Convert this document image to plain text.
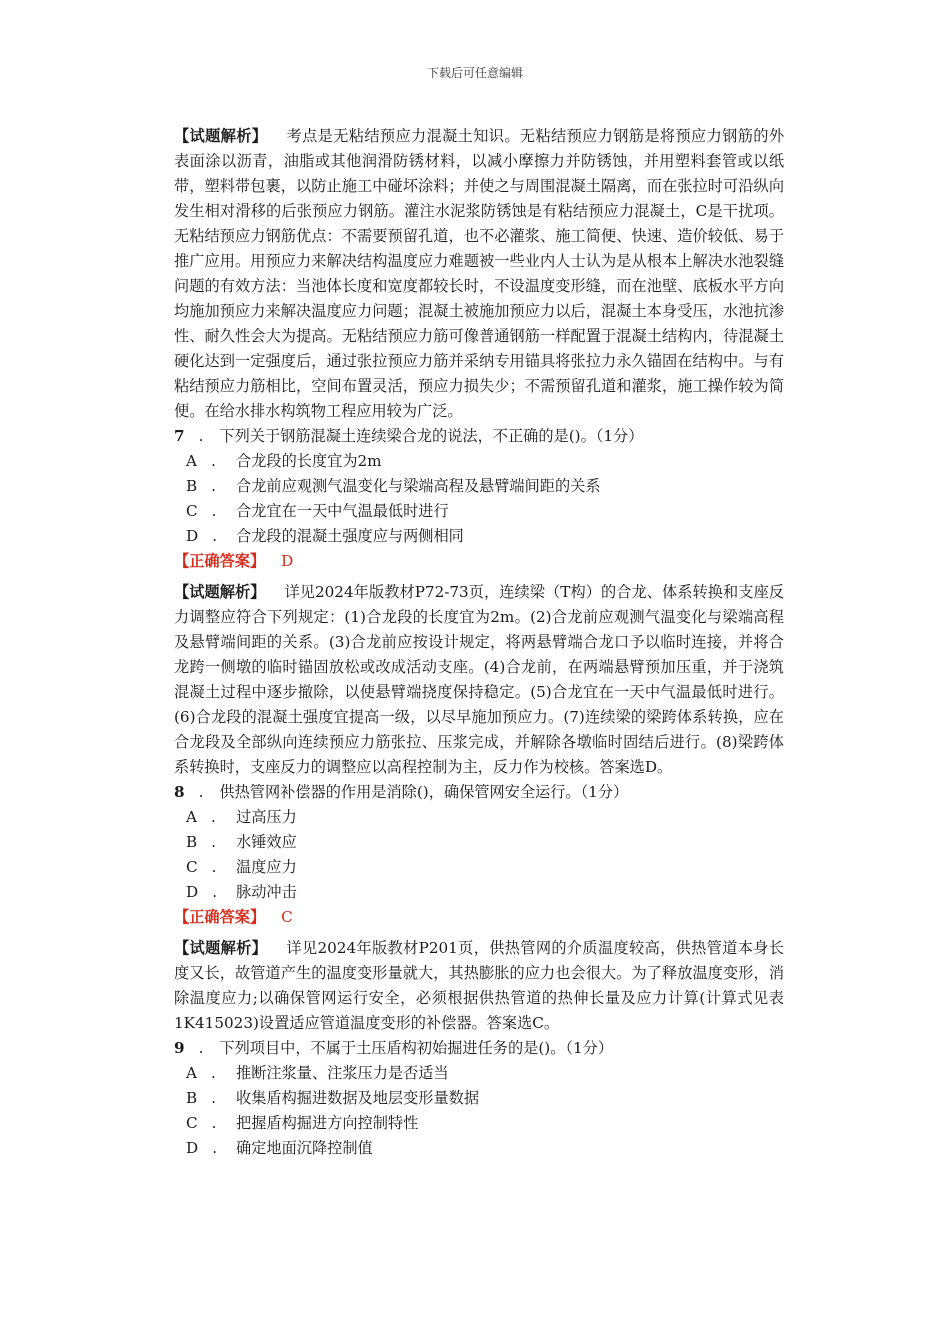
下载后可任意编辑

【试题解析】 考点是无粘结预应力混凝土知识。无粘结预应力钢筋是将预应力钢筋的外表面涂以沥青，油脂或其他润滑防锈材料，以减小摩擦力并防锈蚀，并用塑料套管或以纸带，塑料带包裹，以防止施工中碰坏涂料；并使之与周围混凝土隔离，而在张拉时可沿纵向发生相对滑移的后张预应力钢筋。灌注水泥浆防锈蚀是有粘结预应力混凝土，C是干扰项。无粘结预应力钢筋优点：不需要预留孔道，也不必灌浆、施工简便、快速、造价较低、易于推广应用。用预应力来解决结构温度应力难题被一些业内人士认为是从根本上解决水池裂缝问题的有效方法：当池体长度和宽度都较长时，不设温度变形缝，而在池壁、底板水平方向均施加预应力来解决温度应力问题；混凝土被施加预应力以后，混凝土本身受压，水池抗渗性、耐久性会大为提高。无粘结预应力筋可像普通钢筋一样配置于混凝土结构内，待混凝土硬化达到一定强度后，通过张拉预应力筋并采纳专用锚具将张拉力永久锚固在结构中。与有粘结预应力筋相比，空间布置灵活，预应力损失少；不需预留孔道和灌浆，施工操作较为简便。在给水排水构筑物工程应用较为广泛。

7 . 下列关于钢筋混凝土连续梁合龙的说法，不正确的是()。（1分）

A . 合龙段的长度宜为2m

B . 合龙前应观测气温变化与梁端高程及悬臂端间距的关系

C . 合龙宜在一天中气温最低时进行

D . 合龙段的混凝土强度应与两侧相同

【正确答案】 D

【试题解析】 详见2024年版教材P72-73页，连续梁（T构）的合龙、体系转换和支座反力调整应符合下列规定：(1)合龙段的长度宜为2m。(2)合龙前应观测气温变化与梁端高程及悬臂端间距的关系。(3)合龙前应按设计规定，将两悬臂端合龙口予以临时连接，并将合龙跨一侧墩的临时锚固放松或改成活动支座。(4)合龙前，在两端悬臂预加压重，并于浇筑混凝土过程中逐步撤除，以使悬臂端挠度保持稳定。(5)合龙宜在一天中气温最低时进行。(6)合龙段的混凝土强度宜提高一级，以尽早施加预应力。(7)连续梁的梁跨体系转换，应在合龙段及全部纵向连续预应力筋张拉、压浆完成，并解除各墩临时固结后进行。(8)梁跨体系转换时，支座反力的调整应以高程控制为主，反力作为校核。答案选D。

8 . 供热管网补偿器的作用是消除()，确保管网安全运行。（1分）

A . 过高压力

B . 水锤效应

C . 温度应力

D . 脉动冲击

【正确答案】 C

【试题解析】 详见2024年版教材P201页，供热管网的介质温度较高，供热管道本身长度又长，故管道产生的温度变形量就大，其热膨胀的应力也会很大。为了释放温度变形，消除温度应力;以确保管网运行安全，必须根据供热管道的热伸长量及应力计算(计算式见表1K415023)设置适应管道温度变形的补偿器。答案选C。

9 . 下列项目中，不属于土压盾构初始掘进任务的是()。（1分）

A . 推断注浆量、注浆压力是否适当

B . 收集盾构掘进数据及地层变形量数据

C . 把握盾构掘进方向控制特性

D . 确定地面沉降控制值
